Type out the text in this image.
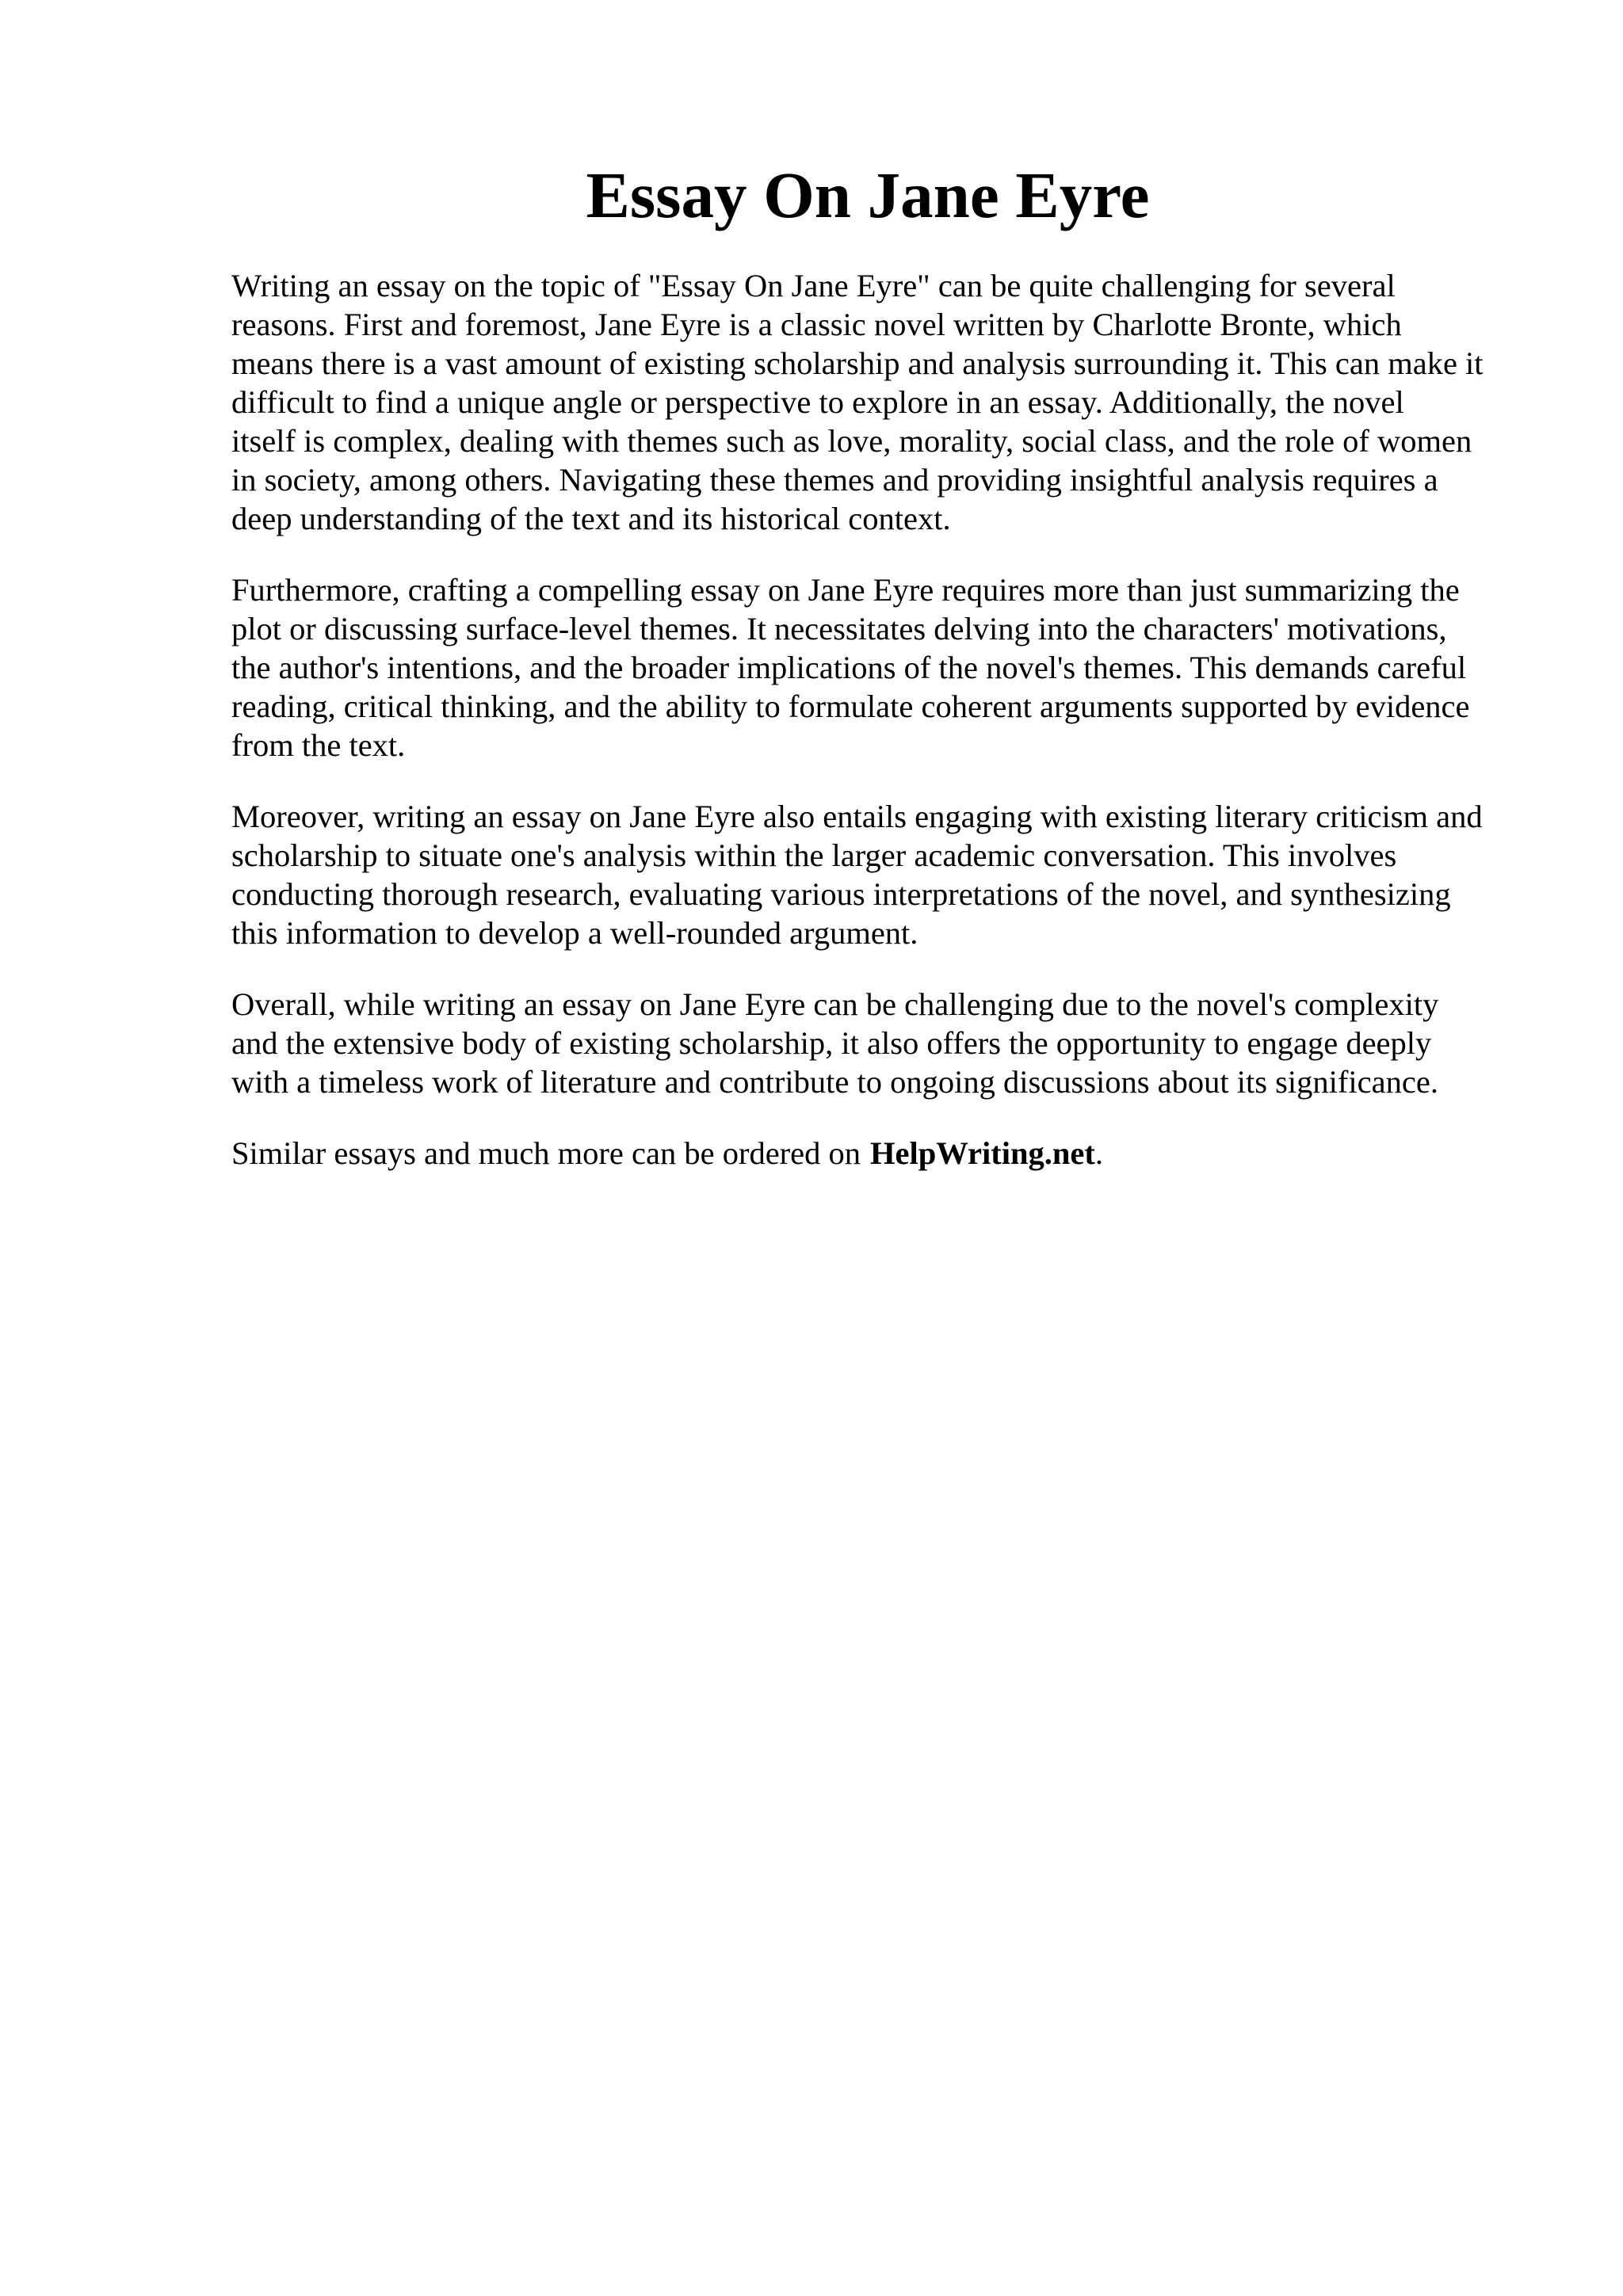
Essay On Jane Eyre

Writing an essay on the topic of "Essay On Jane Eyre" can be quite challenging for several
reasons. First and foremost, Jane Eyre is a classic novel written by Charlotte Bronte, which
means there is a vast amount of existing scholarship and analysis surrounding it. This can make it
difficult to find a unique angle or perspective to explore in an essay. Additionally, the novel
itself is complex, dealing with themes such as love, morality, social class, and the role of women
in society, among others. Navigating these themes and providing insightful analysis requires a
deep understanding of the text and its historical context.

Furthermore, crafting a compelling essay on Jane Eyre requires more than just summarizing the
plot or discussing surface-level themes. It necessitates delving into the characters' motivations,
the author's intentions, and the broader implications of the novel's themes. This demands careful
reading, critical thinking, and the ability to formulate coherent arguments supported by evidence
from the text.

Moreover, writing an essay on Jane Eyre also entails engaging with existing literary criticism and
scholarship to situate one's analysis within the larger academic conversation. This involves
conducting thorough research, evaluating various interpretations of the novel, and synthesizing
this information to develop a well-rounded argument.

Overall, while writing an essay on Jane Eyre can be challenging due to the novel's complexity
and the extensive body of existing scholarship, it also offers the opportunity to engage deeply
with a timeless work of literature and contribute to ongoing discussions about its significance.

Similar essays and much more can be ordered on HelpWriting.net.
